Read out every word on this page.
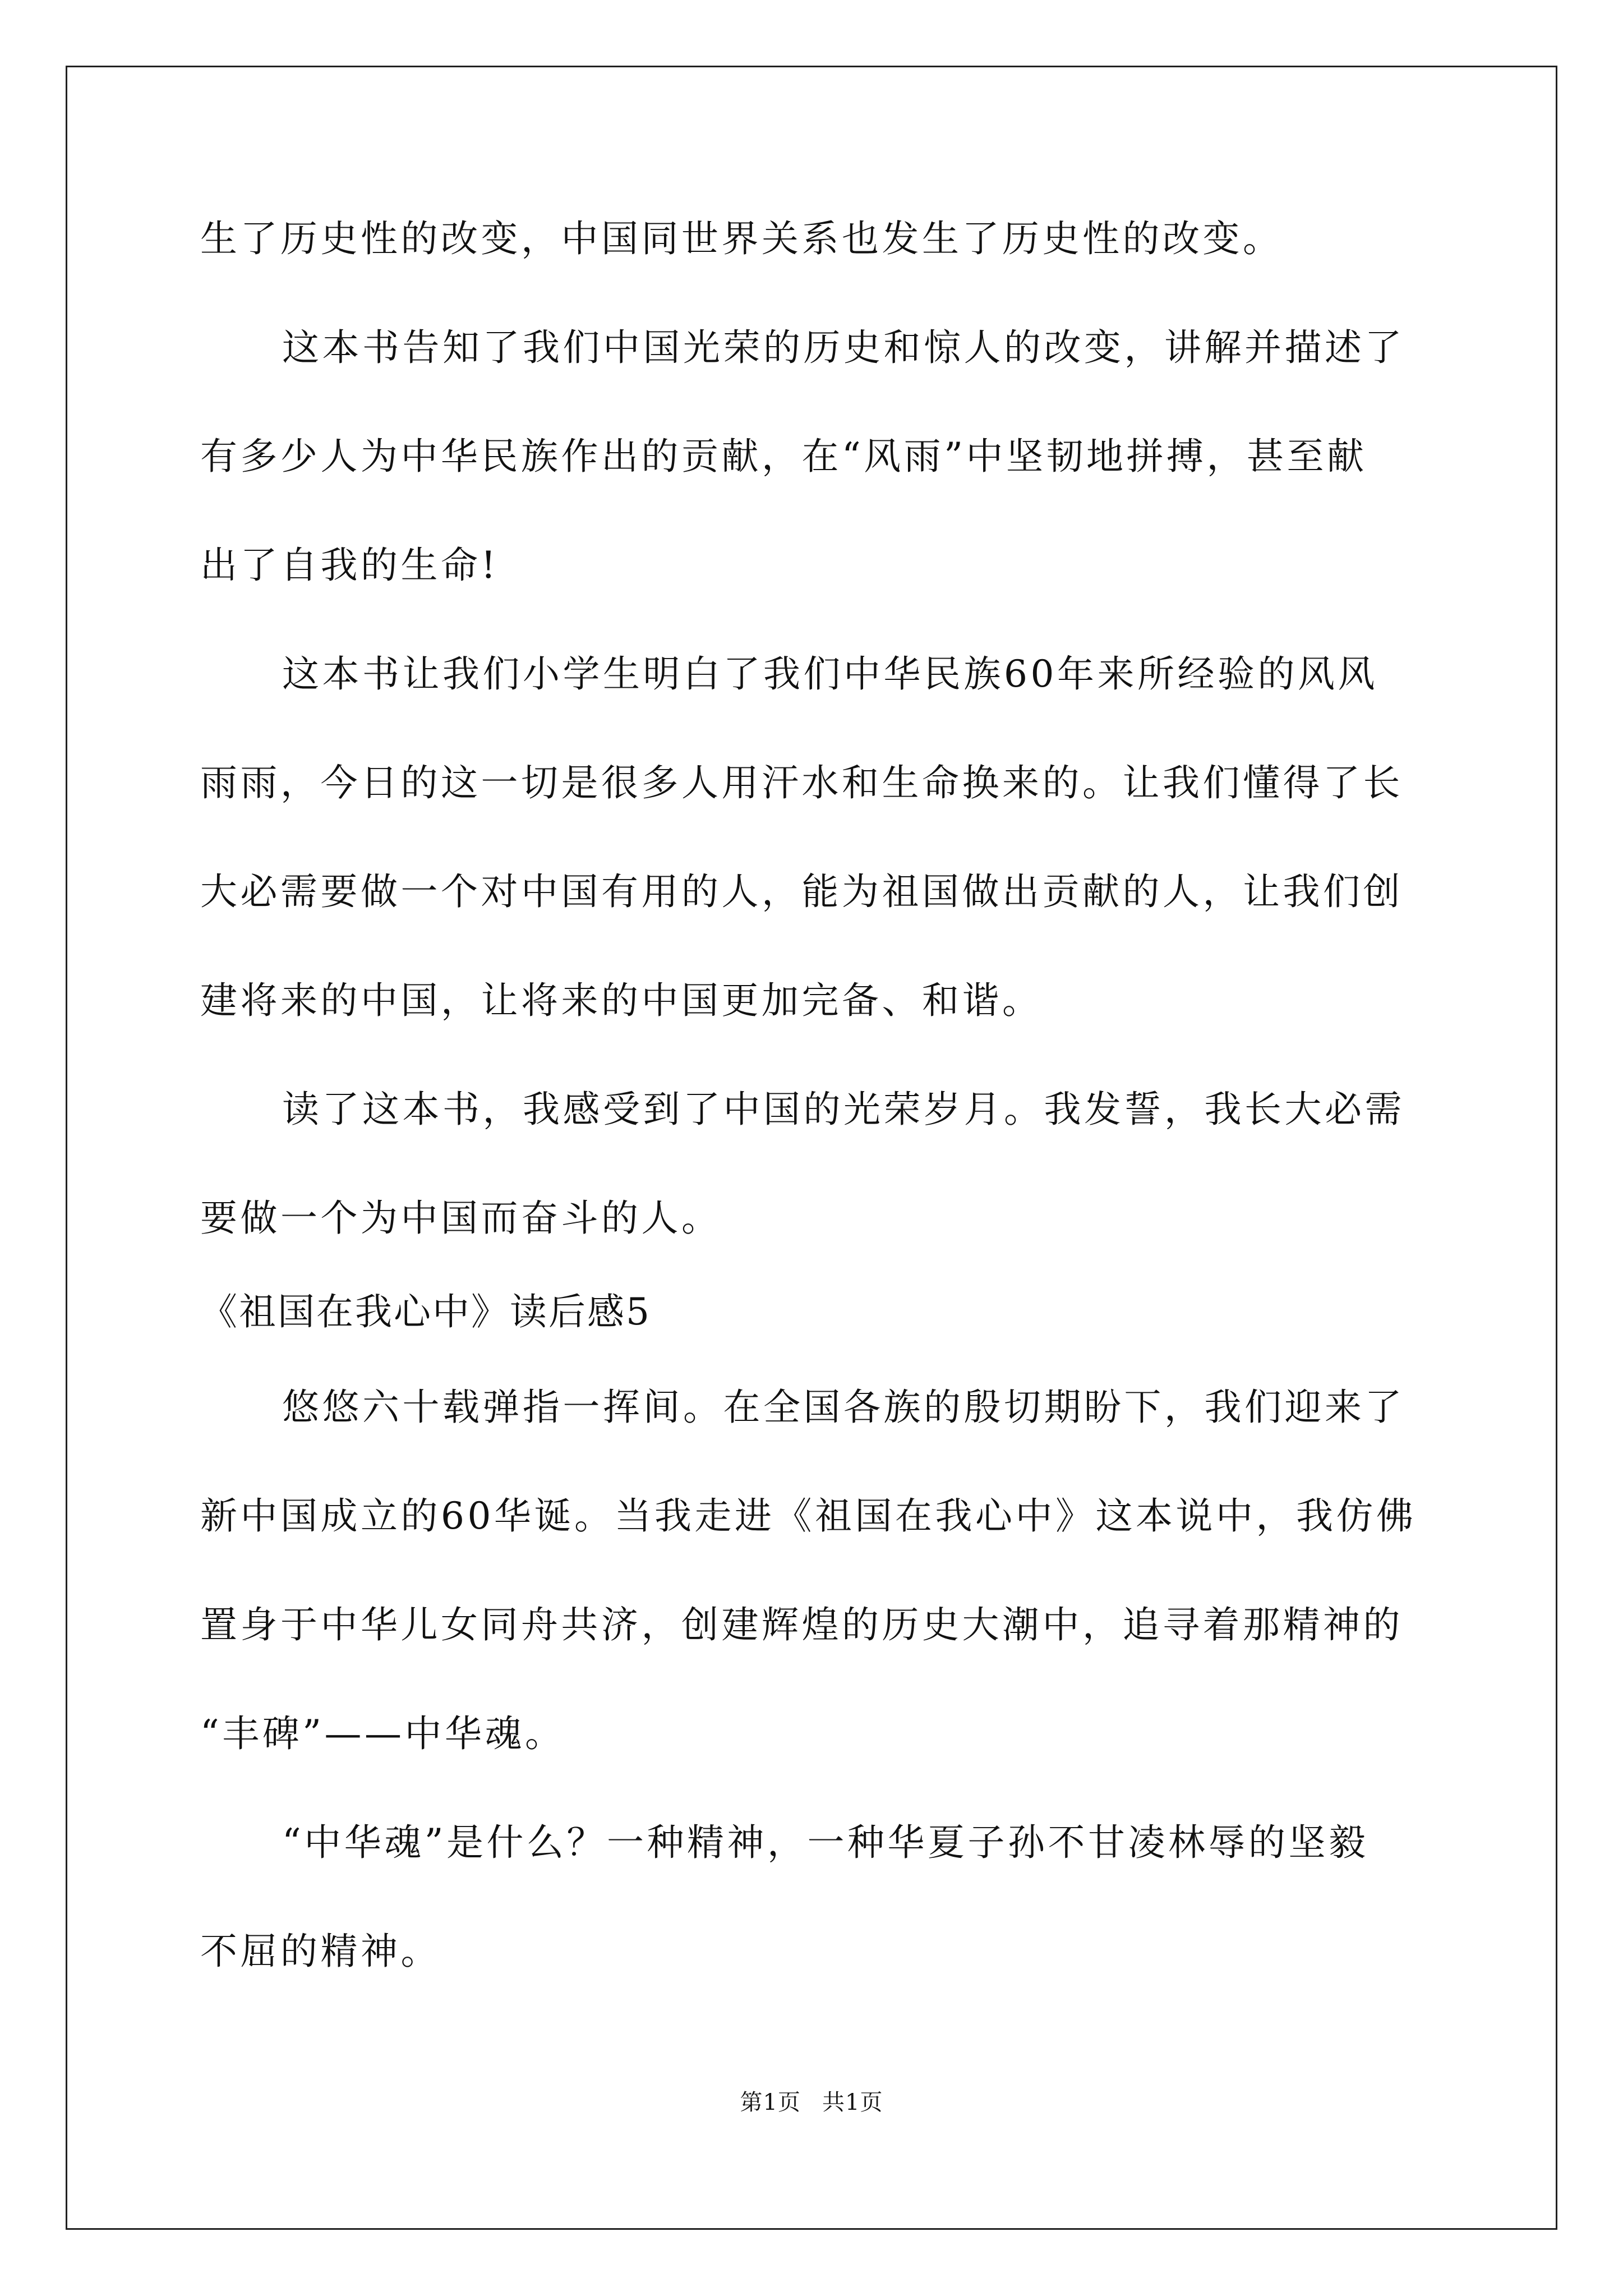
生了历史性的改变，中国同世界关系也发生了历史性的改变。
这本书告知了我们中国光荣的历史和惊人的改变，讲解并描述了
有多少人为中华民族作出的贡献，在“风雨”中坚韧地拼搏，甚至献
出了自我的生命!
这本书让我们小学生明白了我们中华民族60年来所经验的风风
雨雨，今日的这一切是很多人用汗水和生命换来的。让我们懂得了长
大必需要做一个对中国有用的人，能为祖国做出贡献的人，让我们创
建将来的中国，让将来的中国更加完备、和谐。
读了这本书，我感受到了中国的光荣岁月。我发誓，我长大必需
要做一个为中国而奋斗的人。
《祖国在我心中》读后感5
悠悠六十载弹指一挥间。在全国各族的殷切期盼下，我们迎来了
新中国成立的60华诞。当我走进《祖国在我心中》这本说中，我仿佛
置身于中华儿女同舟共济，创建辉煌的历史大潮中，追寻着那精神的
“丰碑”——中华魂。
“中华魂”是什么？一种精神，一种华夏子孙不甘凌林辱的坚毅
不屈的精神。
第1页 共1页
